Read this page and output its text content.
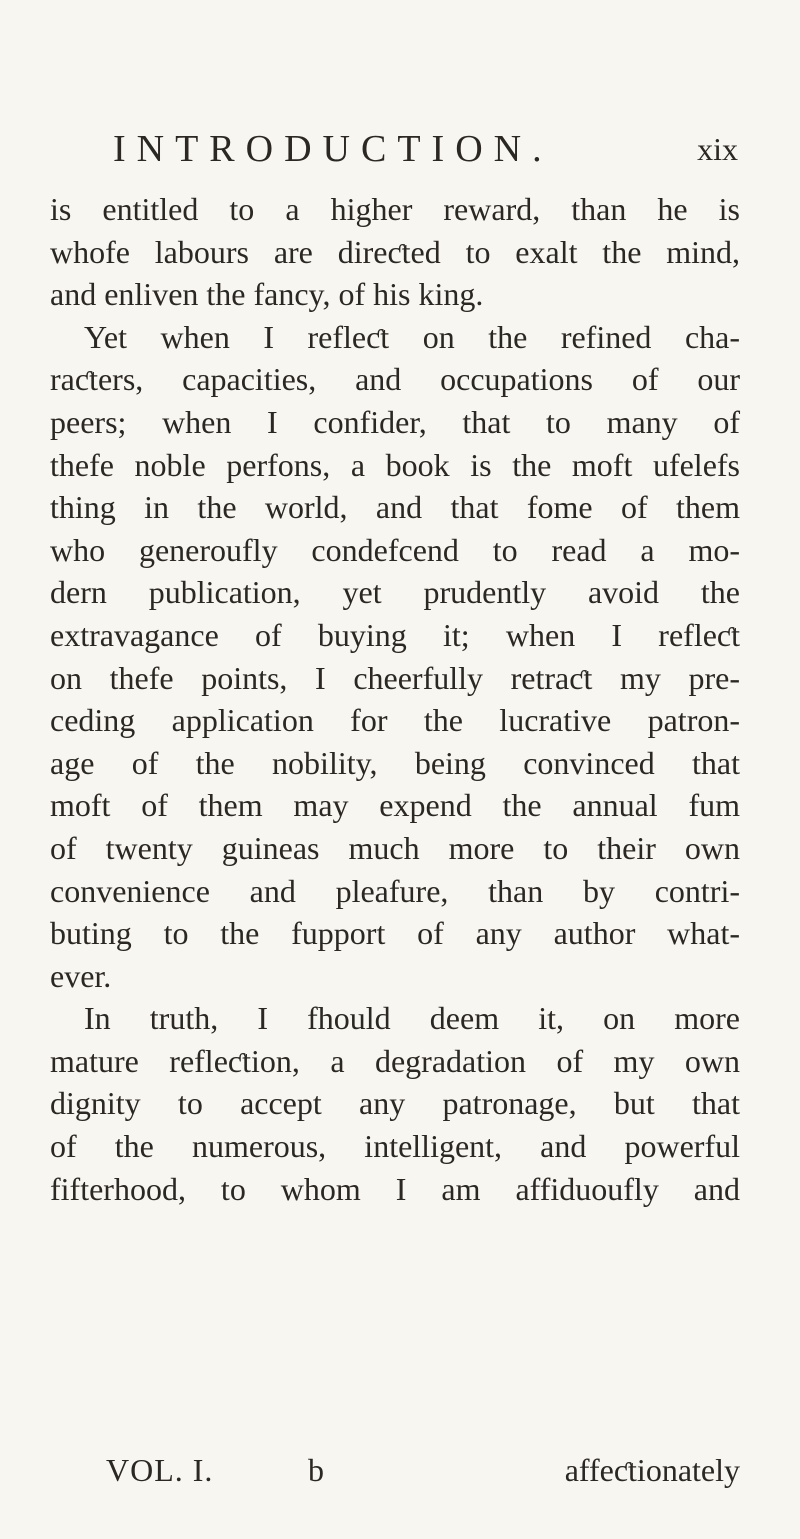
INTRODUCTION.	xix
is entitled to a higher reward, than he is
whofe labours are direƈted to exalt the mind,
and enliven the fancy, of his king.
Yet when I refleƈt on the refined cha-
raƈters, capacities, and occupations of our
peers; when I confider, that to many of
thefe noble perfons, a book is the moft ufelefs
thing in the world, and that fome of them
who generoufly condefcend to read a mo-
dern publication, yet prudently avoid the
extravagance of buying it; when I refleƈt
on thefe points, I cheerfully retraƈt my pre-
ceding application for the lucrative patron-
age of the nobility, being convinced that
moft of them may expend the annual fum
of twenty guineas much more to their own
convenience and pleafure, than by contri-
buting to the fupport of any author what-
ever.
In truth, I fhould deem it, on more
mature refleƈtion, a degradation of my own
dignity to accept any patronage, but that
of the numerous, intelligent, and powerful
fifterhood, to whom I am affiduoufly and
VOL. I.	b	affeƈtionately
